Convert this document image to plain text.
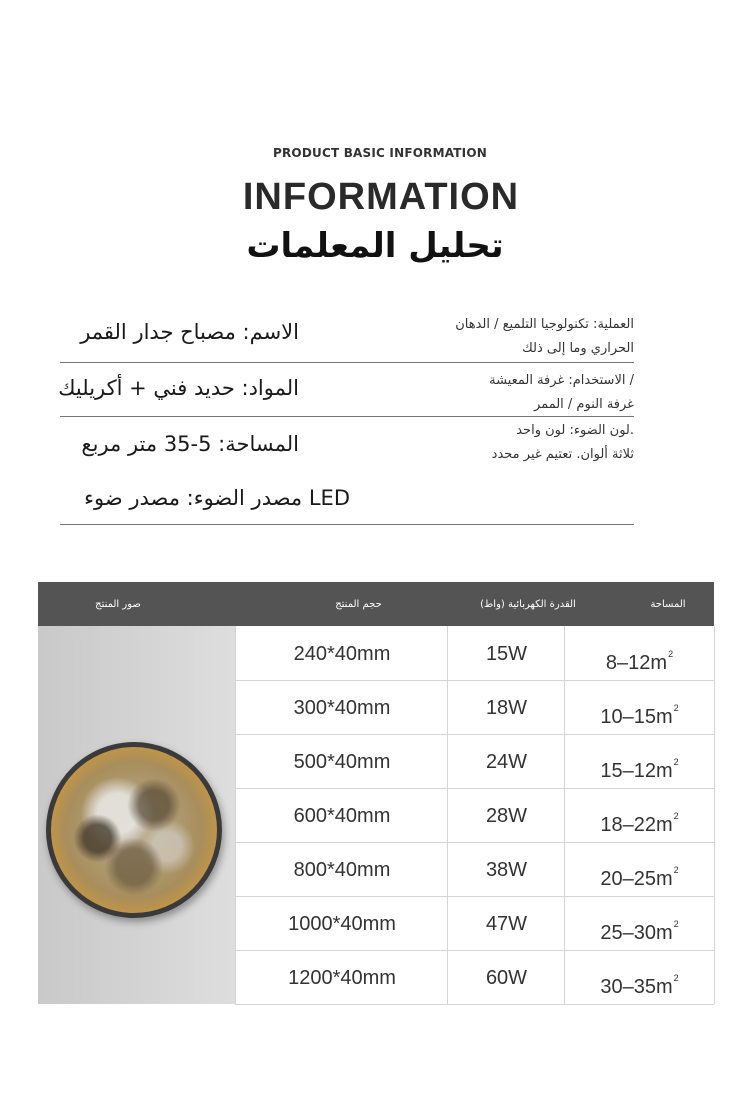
PRODUCT BASIC INFORMATION
INFORMATION
تحليل المعلمات
الاسم: مصباح جدار القمر	العملية: تكنولوجيا التلميع / الدهان
الحراري وما إلى ذلك
المواد: حديد فني + أكريليك	/ الاستخدام: غرفة المعيشة
غرفة النوم / الممر
المساحة: 5-35 متر مربع
.لون الضوء: لون واحد
ثلاثة ألوان. تعتيم غير محدد
LED مصدر الضوء: مصدر ضوء
صور المنتج	حجم المنتج	القدرة الكهربائية (واط)	المساحة
240*40mm	15W	$8-12m^2$
300*40mm	18W	$10-15m^2$
500*40mm	24W	$15-12m^2$
600*40mm	28W	$18-22m^2$
800*40mm	38W	$20-25m^2$
1000*40mm	47W	$25-30m^2$
1200*40mm	60W	$30-35m^2$
